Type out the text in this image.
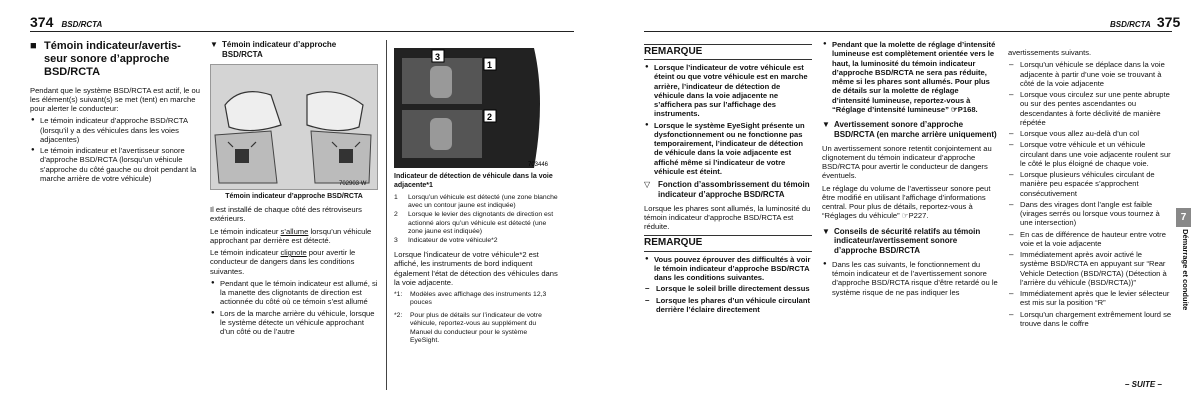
374 BSD/RCTA
■ Témoin indicateur/avertis-seur sonore d’approche BSD/RCTA

Pendant que le système BSD/RCTA est actif, le ou les élément(s) suivant(s) se met (tent) en marche pour alerter le conducteur:

● Le témoin indicateur d’approche BSD/RCTA (lorsqu’il y a des véhicules dans les voies adjacentes)
● Le témoin indicateur et l’avertisseur sonore d’approche BSD/RCTA (lorsqu’un véhicule s’approche du côté gauche ou droit pendant la marche arrière de votre véhicule)
▼ Témoin indicateur d’approche BSD/RCTA
702903 W
Témoin indicateur d’approche BSD/RCTA

Il est installé de chaque côté des rétroviseurs extérieurs.

Le témoin indicateur s’allume lorsqu’un véhicule approchant par derrière est détecté.

Le témoin indicateur clignote pour avertir le conducteur de dangers dans les conditions suivantes.

● Pendant que le témoin indicateur est allumé, si la manette des clignotants de direction est actionnée du côté où ce témoin s’est allumé
● Lors de la marche arrière du véhicule, lorsque le système détecte un véhicule approchant d’un côté ou de l’autre
1
2
3
703446
Indicateur de détection de véhicule dans la voie adjacente*1
1	Lorsqu’un véhicule est détecté (une zone blanche avec un contour jaune est indiquée)
2	Lorsque le levier des clignotants de direction est actionné alors qu’un véhicule est détecté (une zone jaune est indiquée)
3	Indicateur de votre véhicule*2

Lorsque l’indicateur de votre véhicule*2 est affiché, les instruments de bord indiquent également l’état de détection des véhicules dans la voie adjacente.

*1:	Modèles avec affichage des instruments 12,3 pouces
*2:	Pour plus de détails sur l’indicateur de votre véhicule, reportez-vous au supplément du Manuel du conducteur pour le système EyeSight.
BSD/RCTA 375
REMARQUE
● Lorsque l’indicateur de votre véhicule est éteint ou que votre véhicule est en marche arrière, l’indicateur de détection de véhicule dans la voie adjacente ne s’affichera pas sur l’affichage des instruments.
● Lorsque le système EyeSight présente un dysfonctionnement ou ne fonctionne pas temporairement, l’indicateur de détection de véhicule dans la voie adjacente est affiché même si l’indicateur de votre véhicule est éteint.
▽ Fonction d’assombrissement du témoin indicateur d’approche BSD/RCTA

Lorsque les phares sont allumés, la luminosité du témoin indicateur d’approche BSD/RCTA est réduite.

REMARQUE
● Vous pouvez éprouver des difficultés à voir le témoin indicateur d’approche BSD/RCTA dans les conditions suivantes.
– Lorsque le soleil brille directement dessus
– Lorsque les phares d’un véhicule circulant derrière l’éclaire directement
● Pendant que la molette de réglage d’intensité lumineuse est complètement orientée vers le haut, la luminosité du témoin indicateur d’approche BSD/RCTA ne sera pas réduite, même si les phares sont allumés. Pour plus de détails sur la molette de réglage d’intensité lumineuse, reportez-vous à “Réglage d’intensité lumineuse” ☞P168.
▼ Avertissement sonore d’approche BSD/RCTA (en marche arrière uniquement)

Un avertissement sonore retentit conjointement au clignotement du témoin indicateur d’approche BSD/RCTA pour avertir le conducteur de dangers éventuels.

Le réglage du volume de l’avertisseur sonore peut être modifié en utilisant l’affichage d’informations central. Pour plus de détails, reportez-vous à “Réglages du véhicule” ☞P227.

▼ Conseils de sécurité relatifs au témoin indicateur/avertissement sonore d’approche BSD/RCTA
● Dans les cas suivants, le fonctionnement du témoin indicateur et de l’avertissement sonore d’approche BSD/RCTA risque d’être retardé ou le système risque de ne pas indiquer les

avertissements suivants.

– Lorsqu’un véhicule se déplace dans la voie adjacente à partir d’une voie se trouvant à côté de la voie adjacente
– Lorsque vous circulez sur une pente abrupte ou sur des pentes ascendantes ou descendantes à forte déclivité de manière répétée
– Lorsque vous allez au-delà d’un col
– Lorsque votre véhicule et un véhicule circulant dans une voie adjacente roulent sur le côté le plus éloigné de chaque voie.
– Lorsque plusieurs véhicules circulant de manière peu espacée s’approchent consécutivement
– Dans des virages dont l’angle est faible (virages serrés ou lorsque vous tournez à une intersection)
– En cas de différence de hauteur entre votre voie et la voie adjacente
– Immédiatement après avoir activé le système BSD/RCTA en appuyant sur “Rear Vehicle Detection (BSD/RCTA) (Détection à l’arrière du véhicule (BSD/RCTA))”
– Immédiatement après que le levier sélecteur est mis sur la position “R”
– Lorsqu’un chargement extrêmement lourd se trouve dans le coffre
7
Démarrage et conduite
– SUITE –
